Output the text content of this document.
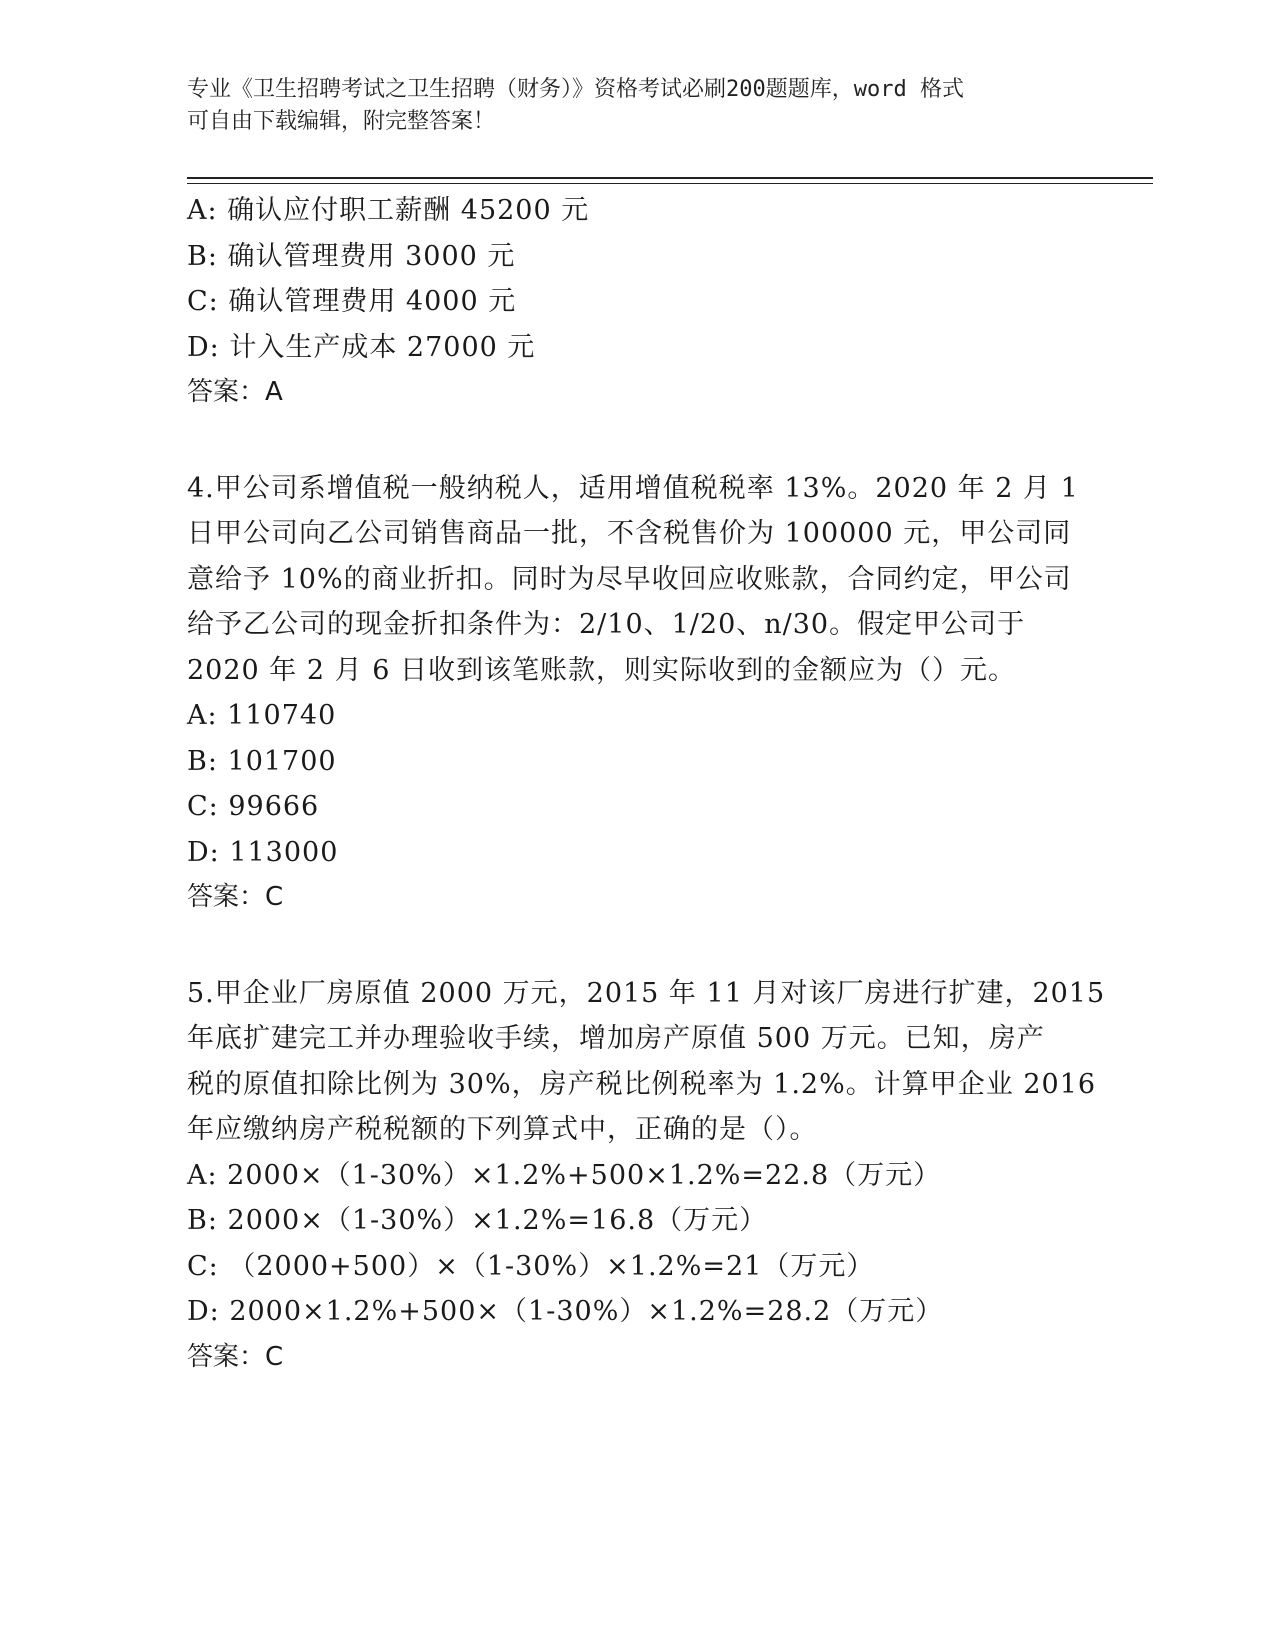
专业《卫生招聘考试之卫生招聘（财务）》资格考试必刷200题题库，word 格式
可自由下载编辑，附完整答案！
A: 确认应付职工薪酬 45200 元
B: 确认管理费用 3000 元
C: 确认管理费用 4000 元
D: 计入生产成本 27000 元
答案：A
4.甲公司系增值税一般纳税人，适用增值税税率 13%。2020 年 2 月 1
日甲公司向乙公司销售商品一批，不含税售价为 100000 元，甲公司同
意给予 10%的商业折扣。同时为尽早收回应收账款，合同约定，甲公司
给予乙公司的现金折扣条件为：2/10、1/20、n/30。假定甲公司于
2020 年 2 月 6 日收到该笔账款，则实际收到的金额应为（）元。
A: 110740
B: 101700
C: 99666
D: 113000
答案：C
5.甲企业厂房原值 2000 万元，2015 年 11 月对该厂房进行扩建，2015
年底扩建完工并办理验收手续，增加房产原值 500 万元。已知，房产
税的原值扣除比例为 30%，房产税比例税率为 1.2%。计算甲企业 2016
年应缴纳房产税税额的下列算式中，正确的是（）。
A: 2000×（1-30%）×1.2%+500×1.2%=22.8（万元）
B: 2000×（1-30%）×1.2%=16.8（万元）
C: （2000+500）×（1-30%）×1.2%=21（万元）
D: 2000×1.2%+500×（1-30%）×1.2%=28.2（万元）
答案：C
